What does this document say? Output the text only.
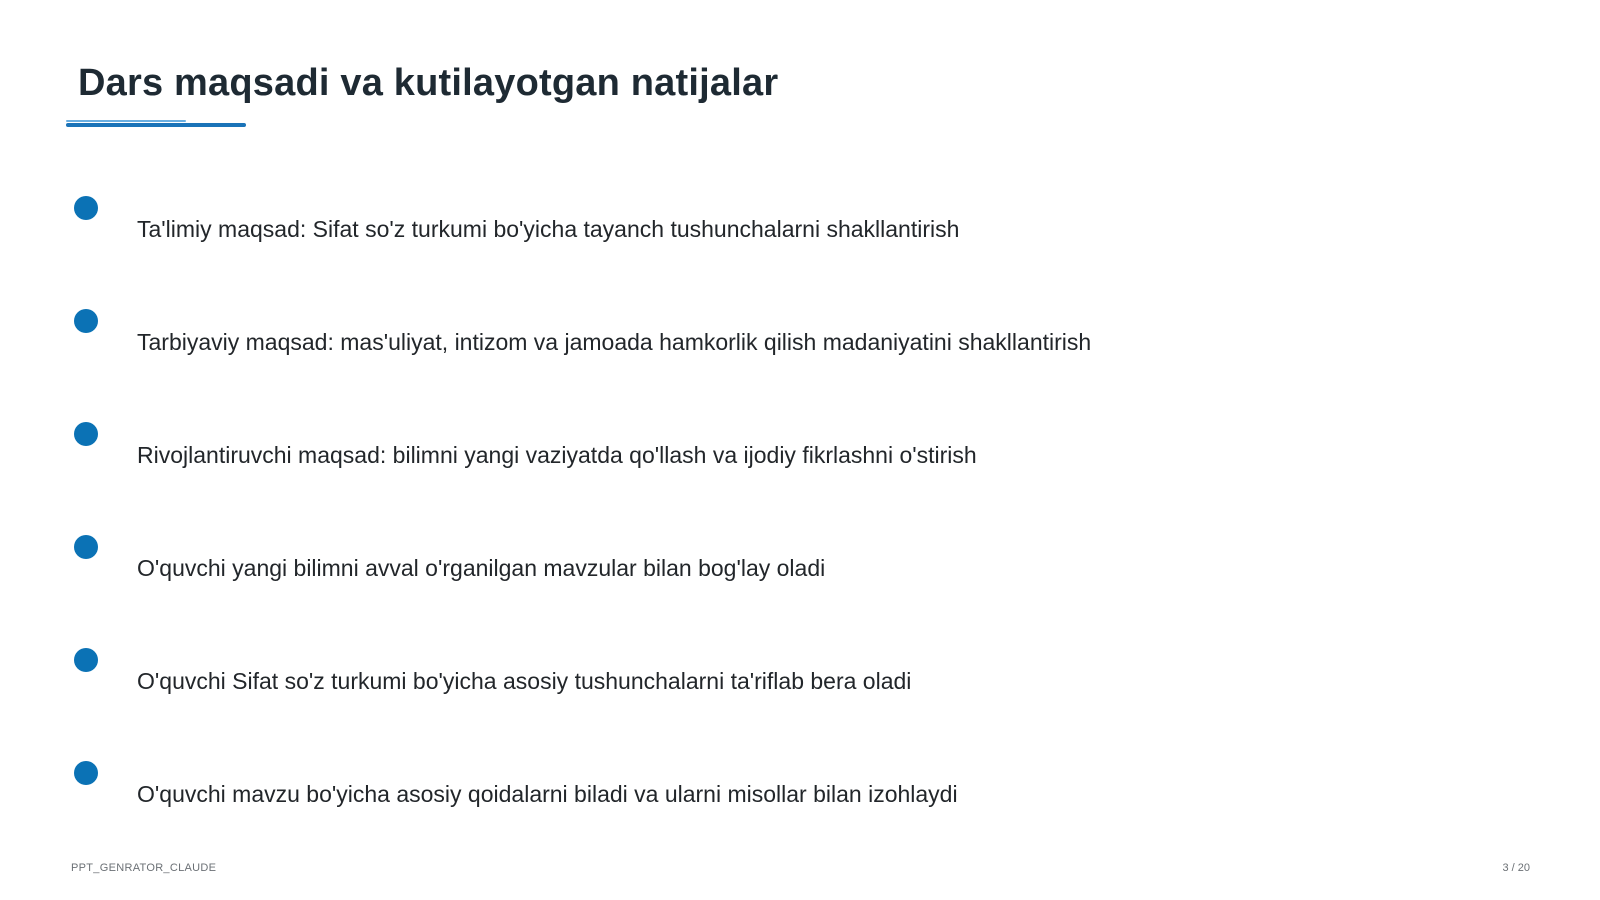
Dars maqsadi va kutilayotgan natijalar
Ta'limiy maqsad: Sifat so'z turkumi bo'yicha tayanch tushunchalarni shakllantirish
Tarbiyaviy maqsad: mas'uliyat, intizom va jamoada hamkorlik qilish madaniyatini shakllantirish
Rivojlantiruvchi maqsad: bilimni yangi vaziyatda qo'llash va ijodiy fikrlashni o'stirish
O'quvchi yangi bilimni avval o'rganilgan mavzular bilan bog'lay oladi
O'quvchi Sifat so'z turkumi bo'yicha asosiy tushunchalarni ta'riflab bera oladi
O'quvchi mavzu bo'yicha asosiy qoidalarni biladi va ularni misollar bilan izohlaydi
PPT_GENRATOR_CLAUDE	3 / 20
